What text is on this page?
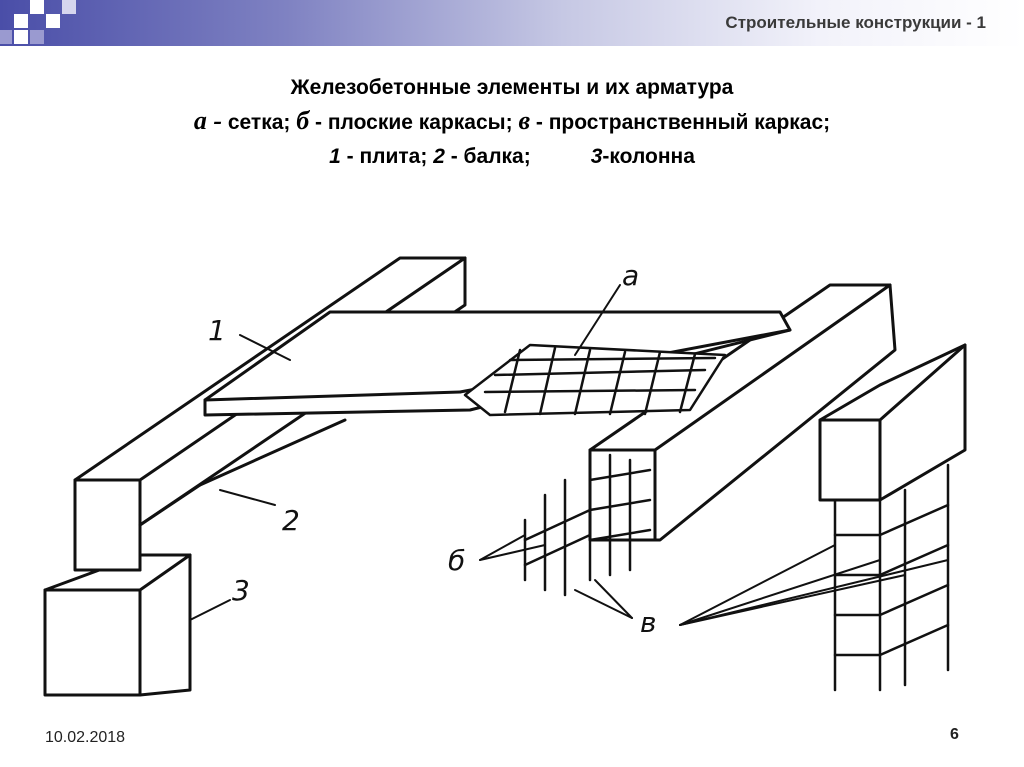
Строительные конструкции - 1
Железобетонные элементы и их арматура
а - сетка; б - плоские каркасы; в - пространственный каркас;
1 - плита; 2 - балка;	3-колонна
1
2
3
а
б
в
10.02.2018	6
